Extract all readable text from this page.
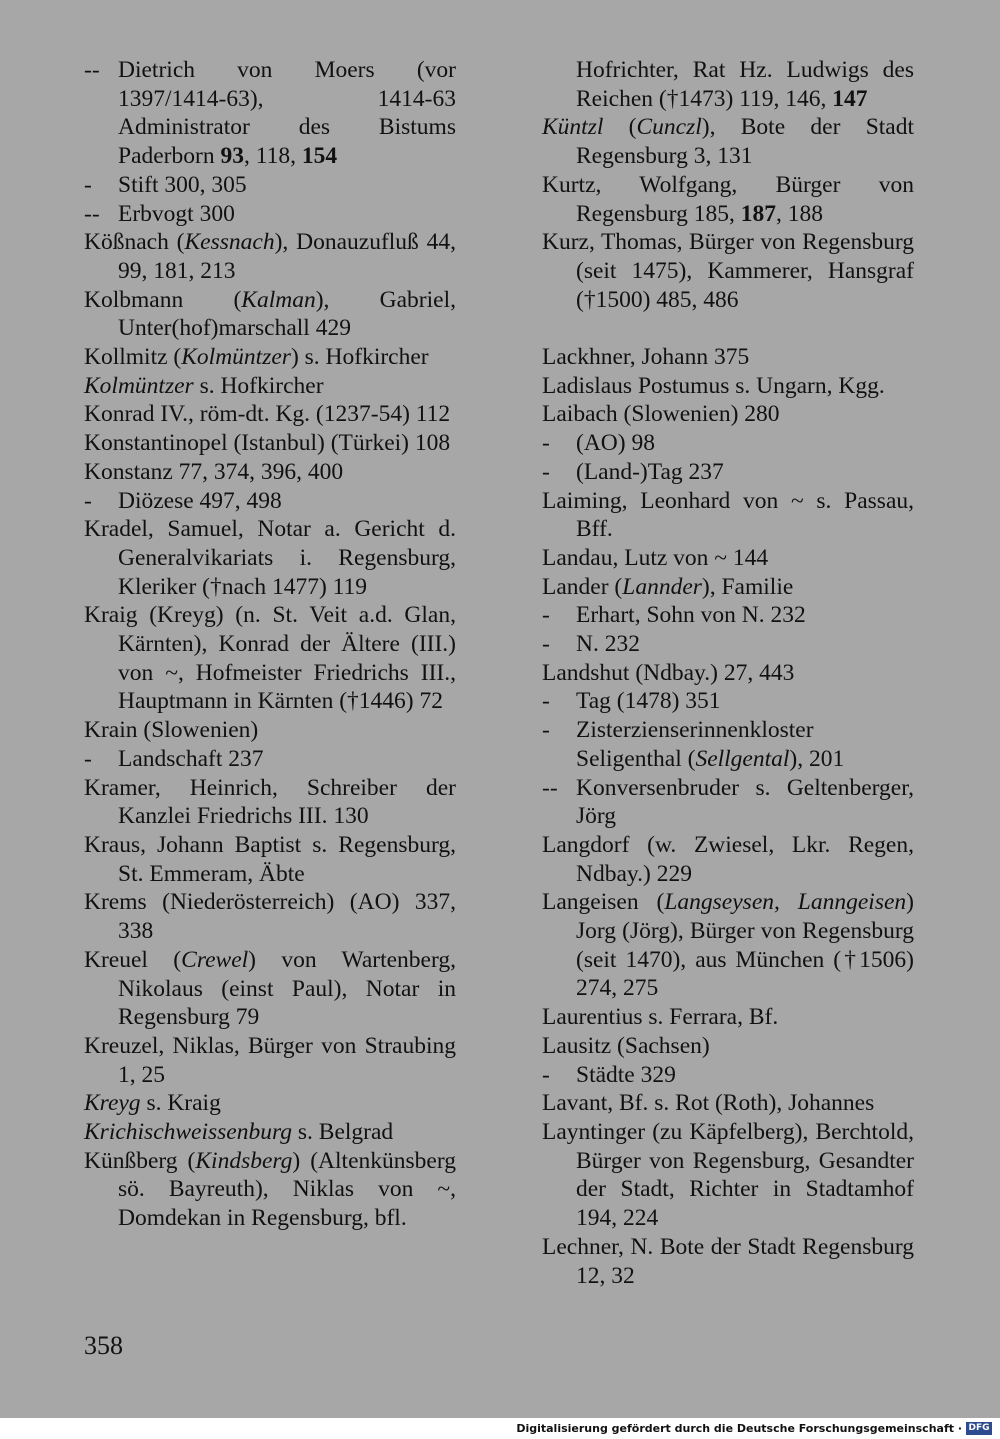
-- Dietrich von Moers (vor 1397/1414-63), 1414-63 Administrator des Bistums Paderborn 93, 118, 154
- Stift 300, 305
-- Erbvogt 300
Kößnach (Kessnach), Donauzufluß 44, 99, 181, 213
Kolbmann (Kalman), Gabriel, Unter(hof)marschall 429
Kollmitz (Kolmüntzer) s. Hofkircher
Kolmüntzer s. Hofkircher
Konrad IV., röm-dt. Kg. (1237-54) 112
Konstantinopel (Istanbul) (Türkei) 108
Konstanz 77, 374, 396, 400
- Diözese 497, 498
Kradel, Samuel, Notar a. Gericht d. Generalvikariats i. Regensburg, Kleriker (†nach 1477) 119
Kraig (Kreyg) (n. St. Veit a.d. Glan, Kärnten), Konrad der Ältere (III.) von ~, Hofmeister Friedrichs III., Hauptmann in Kärnten (†1446) 72
Krain (Slowenien)
- Landschaft 237
Kramer, Heinrich, Schreiber der Kanzlei Friedrichs III. 130
Kraus, Johann Baptist s. Regensburg, St. Emmeram, Äbte
Krems (Niederösterreich) (AO) 337, 338
Kreuel (Crewel) von Wartenberg, Nikolaus (einst Paul), Notar in Regensburg 79
Kreuzel, Niklas, Bürger von Straubing 1, 25
Kreyg s. Kraig
Krichischweissenburg s. Belgrad
Künßberg (Kindsberg) (Altenkünsberg sö. Bayreuth), Niklas von ~, Domdekan in Regensburg, bfl.
Hofrichter, Rat Hz. Ludwigs des Reichen (†1473) 119, 146, 147
Küntzl (Cunczl), Bote der Stadt Regensburg 3, 131
Kurtz, Wolfgang, Bürger von Regensburg 185, 187, 188
Kurz, Thomas, Bürger von Regensburg (seit 1475), Kammerer, Hansgraf (†1500) 485, 486
Lackhner, Johann 375
Ladislaus Postumus s. Ungarn, Kgg.
Laibach (Slowenien) 280
- (AO) 98
- (Land-)Tag 237
Laiming, Leonhard von ~ s. Passau, Bff.
Landau, Lutz von ~ 144
Lander (Lannder), Familie
- Erhart, Sohn von N. 232
- N. 232
Landshut (Ndbay.) 27, 443
- Tag (1478) 351
- Zisterzienserinnenkloster Seligenthal (Sellgental), 201
-- Konversenbruder s. Geltenberger, Jörg
Langdorf (w. Zwiesel, Lkr. Regen, Ndbay.) 229
Langeisen (Langseysen, Lanngeisen) Jorg (Jörg), Bürger von Regensburg (seit 1470), aus München (†1506) 274, 275
Laurentius s. Ferrara, Bf.
Lausitz (Sachsen)
- Städte 329
Lavant, Bf. s. Rot (Roth), Johannes
Layntinger (zu Käpfelberg), Berchtold, Bürger von Regensburg, Gesandter der Stadt, Richter in Stadtamhof 194, 224
Lechner, N. Bote der Stadt Regensburg 12, 32
358
Digitalisierung gefördert durch die Deutsche Forschungsgemeinschaft · DFG
